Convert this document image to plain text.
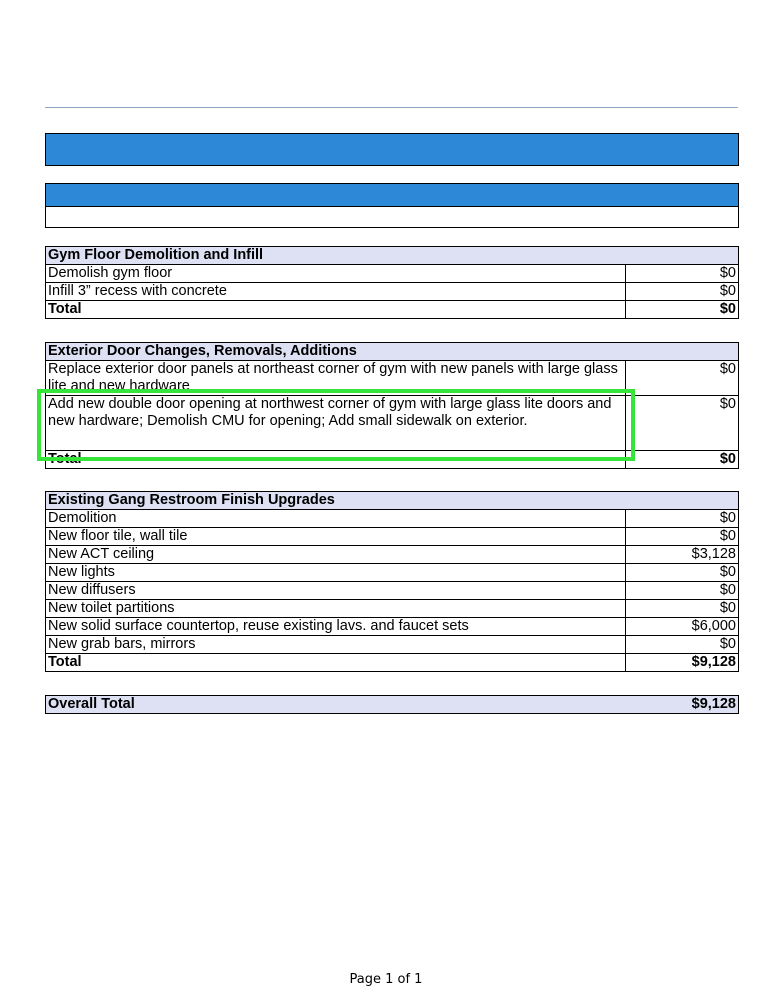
Gym Floor Demolition and Infill	
Demolish gym floor	$0
Infill 3” recess with concrete	$0
Total	$0
Exterior Door Changes, Removals, Additions	
Replace exterior door panels at northeast corner of gym with new panels with large glass lite and new hardware	$0
Add new double door opening at northwest corner of gym with large glass lite doors and new hardware; Demolish CMU for opening; Add small sidewalk on exterior.	$0
Total	$0
Existing Gang Restroom Finish Upgrades	
Demolition	$0
New floor tile, wall tile	$0
New ACT ceiling	$3,128
New lights	$0
New diffusers	$0
New toilet partitions	$0
New solid surface countertop, reuse existing lavs. and faucet sets	$6,000
New grab bars, mirrors	$0
Total	$9,128
Overall Total	$9,128
Page 1 of 1
